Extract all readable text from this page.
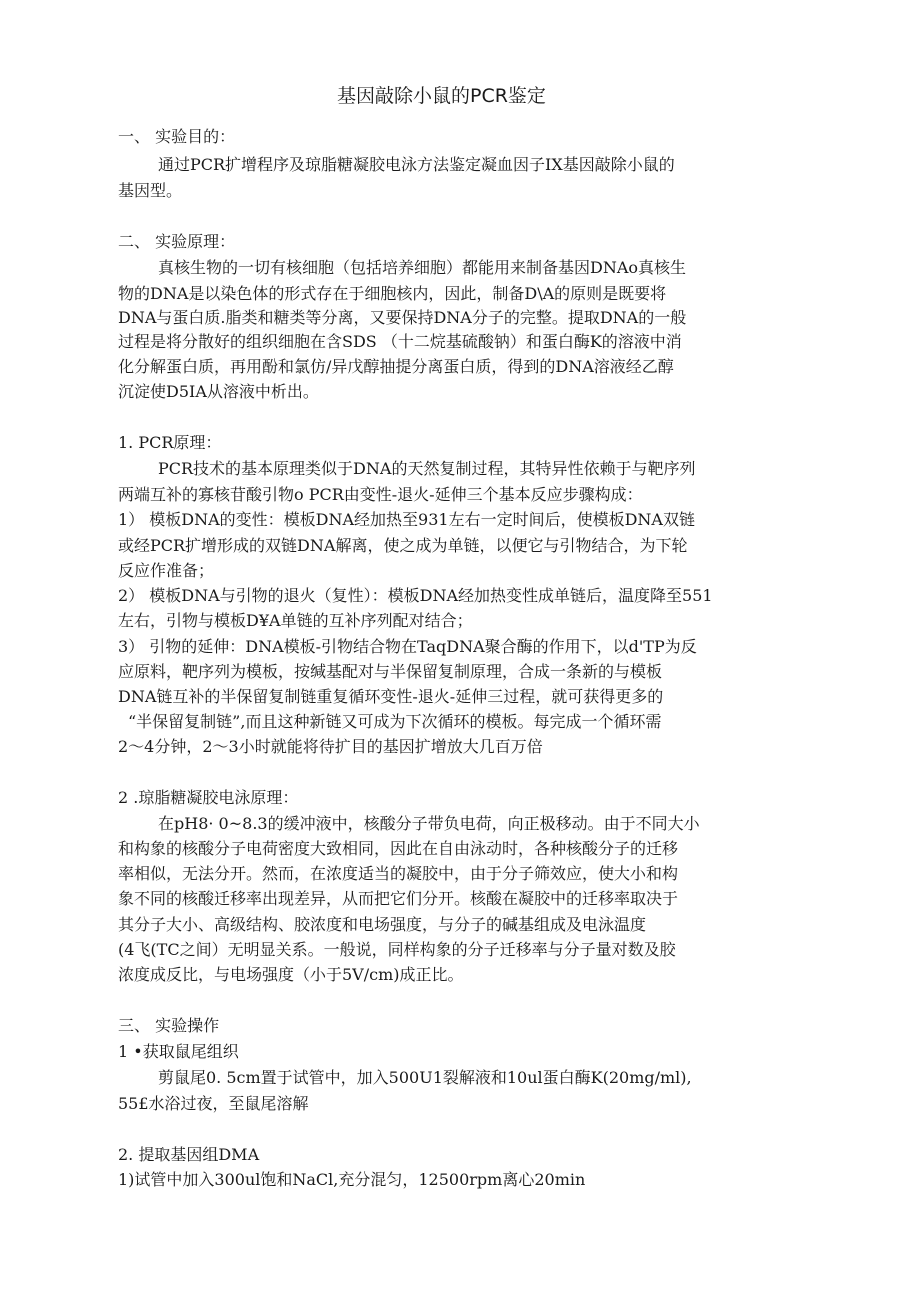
基因敲除小鼠的PCR鉴定
一、 实验目的：
通过PCR扩增程序及琼脂糖凝胶电泳方法鉴定凝血因子IX基因敲除小鼠的
基因型。
二、 实验原理：
真核生物的一切有核细胞（包括培养细胞）都能用来制备基因DNAo真核生
物的DNA是以染色体的形式存在于细胞核内，因此，制备D\A的原则是既要将
DNA与蛋白质.脂类和糖类等分离，又要保持DNA分子的完整。提取DNA的一般
过程是将分散好的组织细胞在含SDS （十二烷基硫酸钠）和蛋白酶K的溶液中消
化分解蛋白质，再用酚和氯仿/异戊醇抽提分离蛋白质，得到的DNA溶液经乙醇
沉淀使D5IA从溶液中析出。
1. PCR原理：
PCR技术的基本原理类似于DNA的天然复制过程，其特异性依赖于与靶序列
两端互补的寡核苷酸引物o PCR由变性-退火-延伸三个基本反应步骤构成：
1） 模板DNA的变性：模板DNA经加热至931左右一定时间后，使模板DNA双链
或经PCR扩增形成的双链DNA解离，使之成为单链，以便它与引物结合，为下轮
反应作准备；
2） 模板DNA与引物的退火（复性）：模板DNA经加热变性成单链后，温度降至551
左右，引物与模板D¥A单链的互补序列配对结合；
3） 引物的延伸：DNA模板-引物结合物在TaqDNA聚合酶的作用下，以d'TP为反
应原料，靶序列为模板，按缄基配对与半保留复制原理，合成一条新的与模板
DNA链互补的半保留复制链重复循环变性-退火-延伸三过程，就可获得更多的
“半保留复制链”,而且这种新链又可成为下次循环的模板。每完成一个循环需
2～4分钟，2～3小时就能将待扩目的基因扩增放大几百万倍
2 .琼脂糖凝胶电泳原理：
在pH8· 0~8.3的缓冲液中，核酸分子带负电荷，向正极移动。由于不同大小
和构象的核酸分子电荷密度大致相同，因此在自由泳动时，各种核酸分子的迁移
率相似，无法分开。然而，在浓度适当的凝胶中，由于分子筛效应，使大小和构
象不同的核酸迁移率出现差异，从而把它们分开。核酸在凝胶中的迁移率取决于
其分子大小、高级结构、胶浓度和电场强度，与分子的碱基组成及电泳温度
(4飞(TC之间）无明显关系。一般说，同样构象的分子迁移率与分子量对数及胶
浓度成反比，与电场强度（小于5V/cm)成正比。
三、 实验操作
1 •获取鼠尾组织
剪鼠尾0. 5cm置于试管中，加入500U1裂解液和10ul蛋白酶K(20mg/ml),
55£水浴过夜，至鼠尾溶解
2. 提取基因组DMA
1)试管中加入300ul饱和NaCl,充分混匀，12500rpm离心20min
